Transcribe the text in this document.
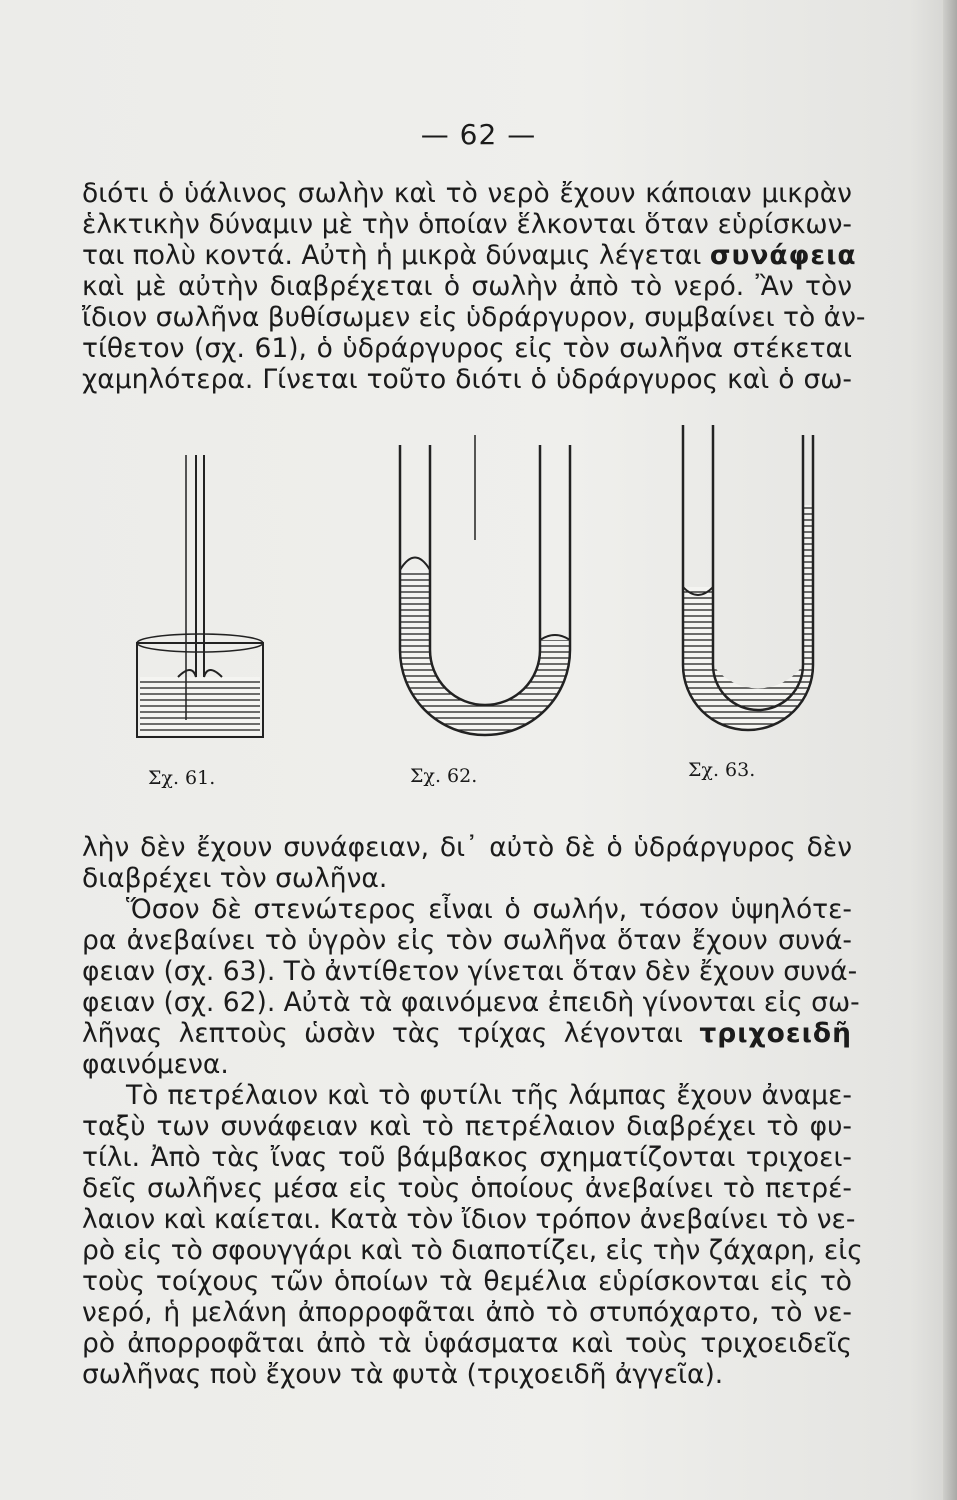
— 62 —
διότι ὁ ὑάλινος σωλὴν καὶ τὸ νερὸ ἔχουν κάποιαν μικρὰν
ἑλκτικὴν δύναμιν μὲ τὴν ὁποίαν ἕλκονται ὅταν εὑρίσκων-
ται πολὺ κοντά. Αὐτὴ ἡ μικρὰ δύναμις λέγεται συνάφεια
καὶ μὲ αὐτὴν διαβρέχεται ὁ σωλὴν ἀπὸ τὸ νερό. Ἂν τὸν
ἴδιον σωλῆνα βυθίσωμεν εἰς ὑδράργυρον, συμβαίνει τὸ ἀν-
τίθετον (σχ. 61), ὁ ὑδράργυρος εἰς τὸν σωλῆνα στέκεται
χαμηλότερα. Γίνεται τοῦτο διότι ὁ ὑδράργυρος καὶ ὁ σω-
Σχ. 61.	Σχ. 62.	Σχ. 63.
λὴν δὲν ἔχουν συνάφειαν, δι᾽ αὐτὸ δὲ ὁ ὑδράργυρος δὲν
διαβρέχει τὸν σωλῆνα.
Ὅσον δὲ στενώτερος εἶναι ὁ σωλήν, τόσον ὑψηλότε-
ρα ἀνεβαίνει τὸ ὑγρὸν εἰς τὸν σωλῆνα ὅταν ἔχουν συνά-
φειαν (σχ. 63). Τὸ ἀντίθετον γίνεται ὅταν δὲν ἔχουν συνά-
φειαν (σχ. 62). Αὐτὰ τὰ φαινόμενα ἐπειδὴ γίνονται εἰς σω-
λῆνας λεπτοὺς ὡσὰν τὰς τρίχας λέγονται τριχοειδῆ
φαινόμενα.
Τὸ πετρέλαιον καὶ τὸ φυτίλι τῆς λάμπας ἔχουν ἀναμε-
ταξὺ των συνάφειαν καὶ τὸ πετρέλαιον διαβρέχει τὸ φυ-
τίλι. Ἀπὸ τὰς ἴνας τοῦ βάμβακος σχηματίζονται τριχοει-
δεῖς σωλῆνες μέσα εἰς τοὺς ὁποίους ἀνεβαίνει τὸ πετρέ-
λαιον καὶ καίεται. Κατὰ τὸν ἴδιον τρόπον ἀνεβαίνει τὸ νε-
ρὸ εἰς τὸ σφουγγάρι καὶ τὸ διαποτίζει, εἰς τὴν ζάχαρη, εἰς
τοὺς τοίχους τῶν ὁποίων τὰ θεμέλια εὑρίσκονται εἰς τὸ
νερό, ἡ μελάνη ἀπορροφᾶται ἀπὸ τὸ στυπόχαρτο, τὸ νε-
ρὸ ἀπορροφᾶται ἀπὸ τὰ ὑφάσματα καὶ τοὺς τριχοειδεῖς
σωλῆνας ποὺ ἔχουν τὰ φυτὰ (τριχοειδῆ ἀγγεῖα).
